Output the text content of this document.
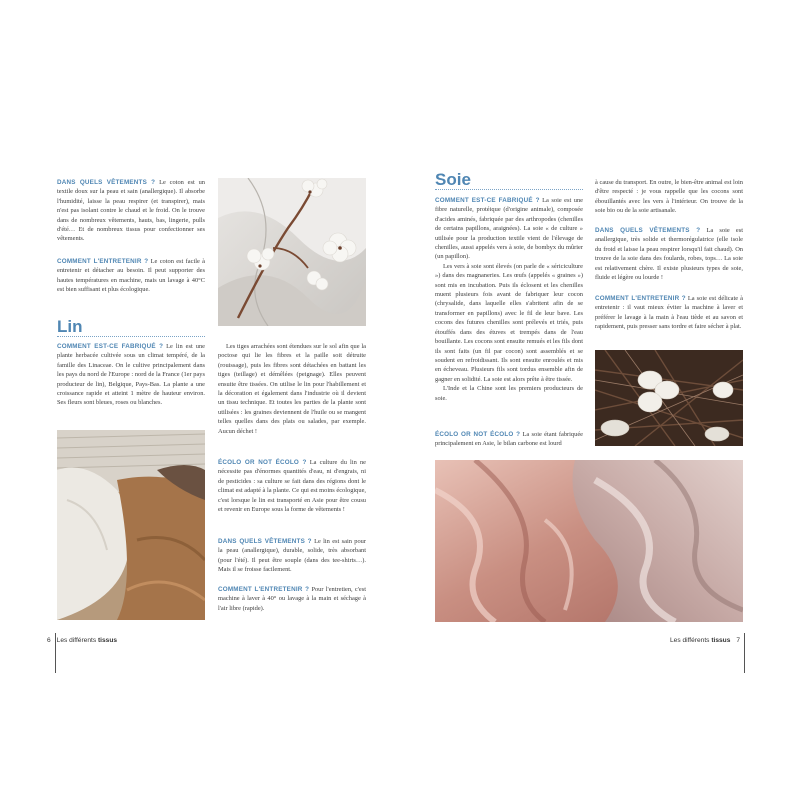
DANS QUELS VÊTEMENTS ? Le coton est un textile doux sur la peau et sain (anallergique). Il absorbe l'humidité, laisse la peau respirer (et transpirer), mais n'est pas isolant contre le chaud et le froid. On le trouve dans de nombreux vêtements, hauts, bas, lingerie, pulls d'été… Et de nombreux tissus pour confectionner ses vêtements.

COMMENT L'ENTRETENIR ? Le coton est facile à entretenir et détacher au besoin. Il peut supporter des hautes températures en machine, mais un lavage à 40°C est bien suffisant et plus écologique.

Lin

COMMENT EST-CE FABRIQUÉ ? Le lin est une plante herbacée cultivée sous un climat tempéré, de la famille des Linaceae. On le cultive principalement dans les pays du nord de l'Europe : nord de la France (1er pays producteur de lin), Belgique, Pays-Bas. La plante a une croissance rapide et atteint 1 mètre de hauteur environ. Ses fleurs sont bleues, roses ou blanches.

Les tiges arrachées sont étendues sur le sol afin que la poctose qui lie les fibres et la paille soit détruite (rouissage), puis les fibres sont détachées en battant les tiges (teillage) et démêlées (peignage). Elles peuvent ensuite être tissées. On utilise le lin pour l'habillement et la décoration et également dans l'industrie où il devient un tissu technique. Et toutes les parties de la plante sont utilisées : les graines deviennent de l'huile ou se mangent telles quelles dans des plats ou salades, par exemple. Aucun déchet !

ÉCOLO OR NOT ÉCOLO ? La culture du lin ne nécessite pas d'énormes quantités d'eau, ni d'engrais, ni de pesticides : sa culture se fait dans des régions dont le climat est adapté à la plante. Ce qui est moins écologique, c'est lorsque le lin est transporté en Asie pour être cousu et revenir en Europe sous la forme de vêtements !

DANS QUELS VÊTEMENTS ? Le lin est sain pour la peau (anallergique), durable, solide, très absorbant (pour l'été). Il peut être souple (dans des tee-shirts…). Mais il se froisse facilement.

COMMENT L'ENTRETENIR ? Pour l'entretien, c'est machine à laver à 40° ou lavage à la main et séchage à l'air libre (rapide).

6 Les différents tissus
Soie

COMMENT EST-CE FABRIQUÉ ? La soie est une fibre naturelle, protéique (d'origine animale), composée d'acides aminés, fabriquée par des arthropodes (chenilles de certains papillons, araignées). La soie « de culture » utilisée pour la production textile vient de l'élevage de chenilles, aussi appelés vers à soie, de bombyx du mûrier (un papillon).

Les vers à soie sont élevés (on parle de « sériciculture ») dans des magnaneries. Les œufs (appelés « graines ») sont mis en incubation. Puis ils éclosent et les chenilles muent plusieurs fois avant de fabriquer leur cocon (chrysalide, dans laquelle elles s'abritent afin de se transformer en papillons) avec le fil de leur bave. Les cocons des futures chenilles sont prélevés et triés, puis étouffés dans des étuves et trempés dans de l'eau bouillante. Les cocons sont ensuite remués et les fils dont ils sont faits (un fil par cocon) sont assemblés et se soudent en refroidissant. Ils sont ensuite enroulés et mis en écheveau. Plusieurs fils sont tordus ensemble afin de gagner en solidité. La soie est alors prête à être tissée.

L'Inde et la Chine sont les premiers producteurs de soie.

ÉCOLO OR NOT ÉCOLO ? La soie étant fabriquée principalement en Asie, le bilan carbone est lourd

à cause du transport. En outre, le bien-être animal est loin d'être respecté : je vous rappelle que les cocons sont ébouillantés avec les vers à l'intérieur. On trouve de la soie bio ou de la soie artisanale.

DANS QUELS VÊTEMENTS ? La soie est anallergique, très solide et thermorégulatrice (elle isole du froid et laisse la peau respirer lorsqu'il fait chaud). On trouve de la soie dans des foulards, robes, tops… La soie est relativement chère. Il existe plusieurs types de soie, fluide et légère ou lourde !

COMMENT L'ENTRETENIR ? La soie est délicate à entretenir : il vaut mieux éviter la machine à laver et préférer le lavage à la main à l'eau tiède et au savon et rapidement, puis presser sans tordre et faire sécher à plat.

Les différents tissus 7
